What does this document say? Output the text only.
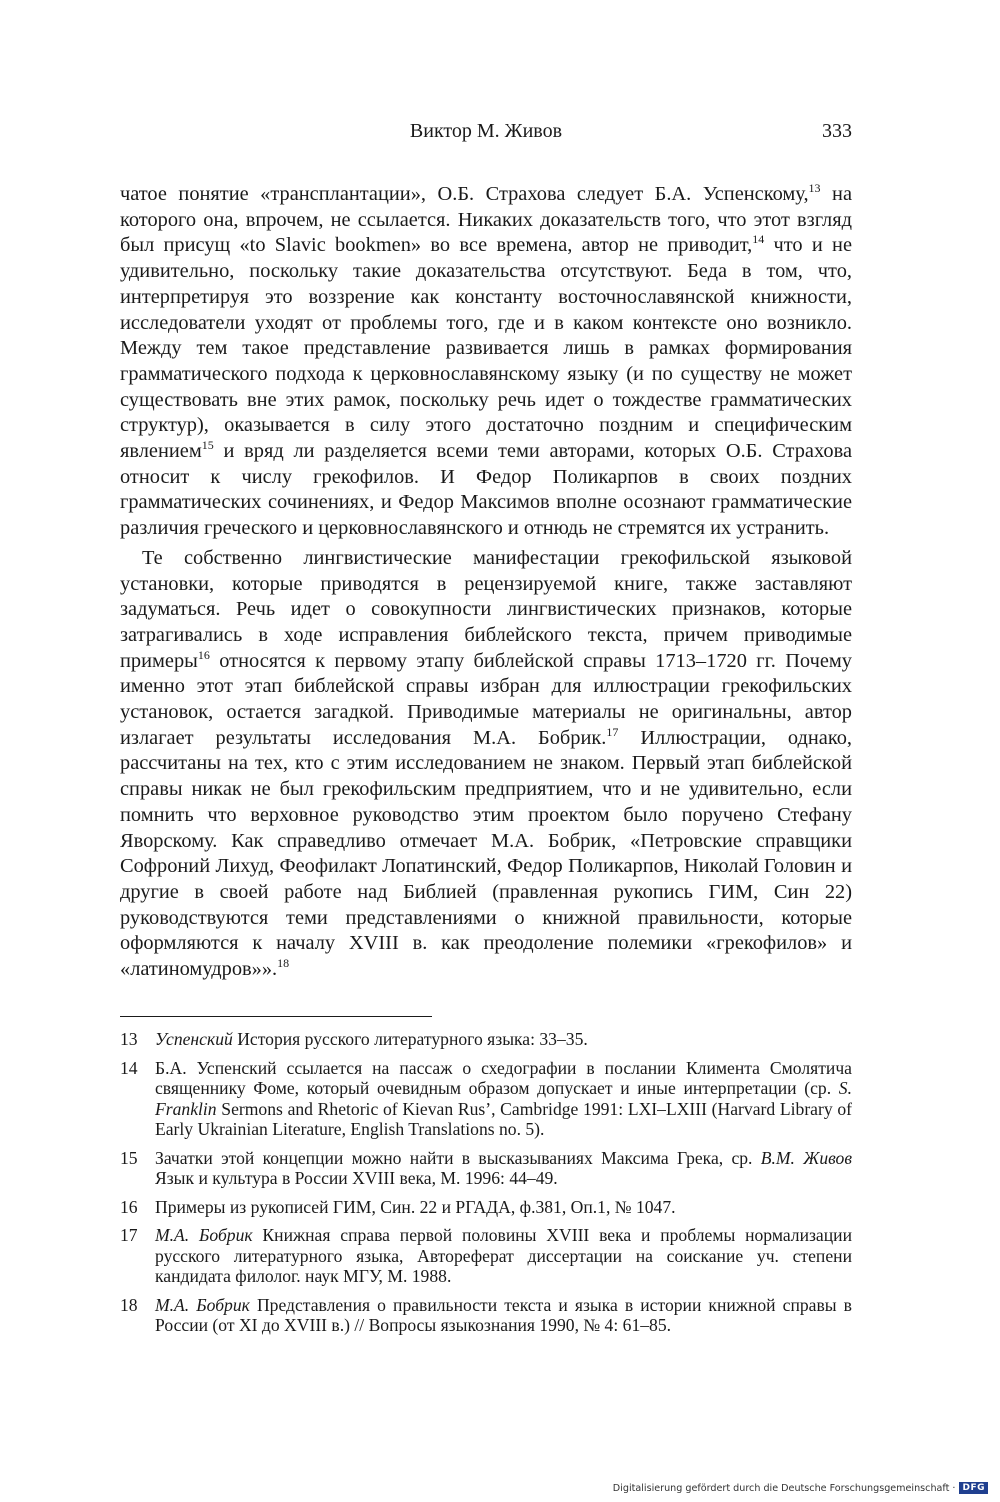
Виктор М. Живов	333

чатое понятие «трансплантации», О.Б. Страхова следует Б.А. Успенскому,$^{13}$ на которого она, впрочем, не ссылается. Никаких доказательств того, что этот взгляд был присущ «to Slavic bookmen» во все времена, автор не приводит,$^{14}$ что и не удивительно, поскольку такие доказательства отсутствуют. Беда в том, что, интерпретируя это воззрение как константу восточнославянской книжности, исследователи уходят от проблемы того, где и в каком контексте оно возникло. Между тем такое представление развивается лишь в рамках формирования грамматического подхода к церковнославянскому языку (и по существу не может существовать вне этих рамок, поскольку речь идет о тождестве грамматических структур), оказывается в силу этого достаточно поздним и специфическим явлением$^{15}$ и вряд ли разделяется всеми теми авторами, которых О.Б. Страхова относит к числу грекофилов. И Федор Поликарпов в своих поздних грамматических сочинениях, и Федор Максимов вполне осознают грамматические различия греческого и церковнославянского и отнюдь не стремятся их устранить.

Те собственно лингвистические манифестации грекофильской языковой установки, которые приводятся в рецензируемой книге, также заставляют задуматься. Речь идет о совокупности лингвистических признаков, которые затрагивались в ходе исправления библейского текста, причем приводимые примеры$^{16}$ относятся к первому этапу библейской справы 1713–1720 гг. Почему именно этот этап библейской справы избран для иллюстрации грекофильских установок, остается загадкой. Приводимые материалы не оригинальны, автор излагает результаты исследования М.А. Бобрик.$^{17}$ Иллюстрации, однако, рассчитаны на тех, кто с этим исследованием не знаком. Первый этап библейской справы никак не был грекофильским предприятием, что и не удивительно, если помнить что верховное руководство этим проектом было поручено Стефану Яворскому. Как справедливо отмечает М.А. Бобрик, «Петровские справщики Софроний Лихуд, Феофилакт Лопатинский, Федор Поликарпов, Николай Головин и другие в своей работе над Библией (правленная рукопись ГИМ, Син 22) руководствуются теми представлениями о книжной правильности, которые оформляются к началу XVIII в. как преодоление полемики «грекофилов» и «латиномудров»».$^{18}$

13 Успенский История русского литературного языка: 33–35.
14 Б.А. Успенский ссылается на пассаж о схедографии в послании Климента Смолятича священнику Фоме, который очевидным образом допускает и иные интерпретации (ср. S. Franklin Sermons and Rhetoric of Kievan Rus’, Cambridge 1991: LXI–LXIII (Harvard Library of Early Ukrainian Literature, English Translations no. 5).
15 Зачатки этой концепции можно найти в высказываниях Максима Грека, ср. В.М. Живов Язык и культура в России XVIII века, М. 1996: 44–49.
16 Примеры из рукописей ГИМ, Син. 22 и РГАДА, ф.381, Оп.1, № 1047.
17 М.А. Бобрик Книжная справа первой половины XVIII века и проблемы нормализации русского литературного языка, Автореферат диссертации на соискание уч. степени кандидата филолог. наук МГУ, М. 1988.
18 М.А. Бобрик Представления о правильности текста и языка в истории книжной справы в России (от XI до XVIII в.) // Вопросы языкознания 1990, № 4: 61–85.
Digitalisierung gefördert durch die Deutsche Forschungsgemeinschaft · DFG
